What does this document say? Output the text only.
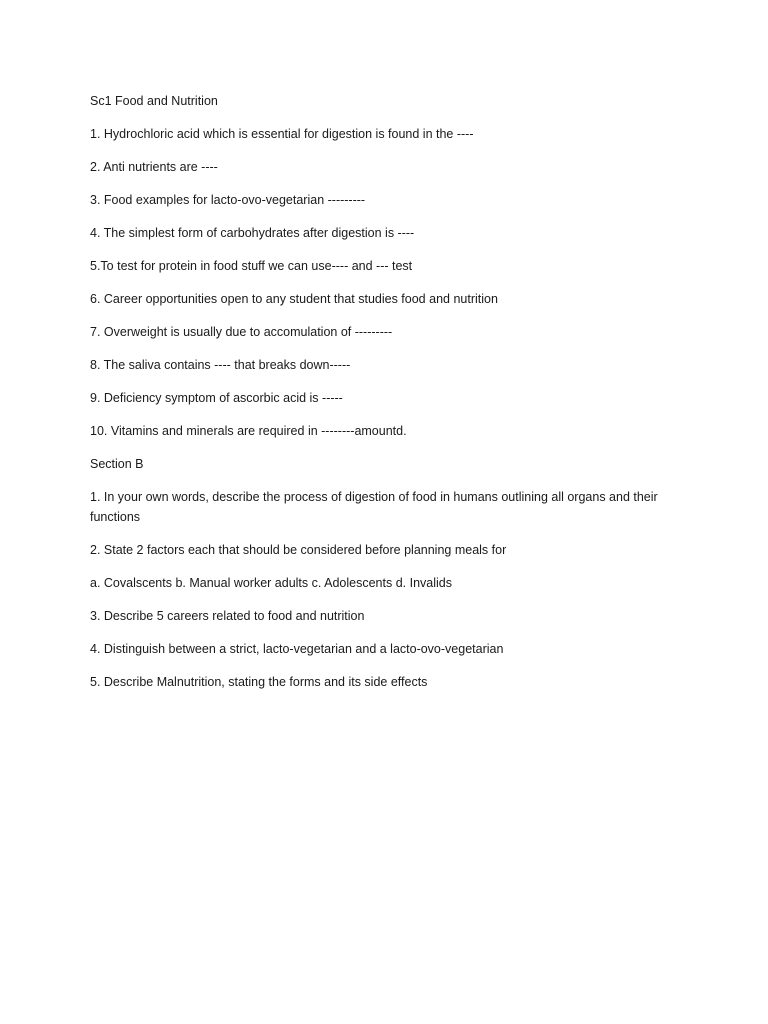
Sc1 Food and Nutrition

1. Hydrochloric acid which is essential for digestion is found in the ----

2. Anti nutrients are ----

3. Food examples for lacto-ovo-vegetarian ---------

4. The simplest form of carbohydrates after digestion is ----

5.To test for protein in food stuff we can use---- and --- test

6. Career opportunities open to any student that studies food and nutrition

7. Overweight is usually due to accomulation of ---------

8. The saliva contains ---- that breaks down-----

9. Deficiency symptom of ascorbic acid is -----

10. Vitamins and minerals are required in --------amountd.

Section B

1. In your own words, describe the process of digestion of food in humans outlining all organs and their functions

2. State 2 factors each that should be considered before planning meals for

a. Covalscents b. Manual worker adults c. Adolescents d. Invalids

3. Describe 5 careers related to food and nutrition

4. Distinguish between a strict, lacto-vegetarian and a lacto-ovo-vegetarian

5. Describe Malnutrition, stating the forms and its side effects
